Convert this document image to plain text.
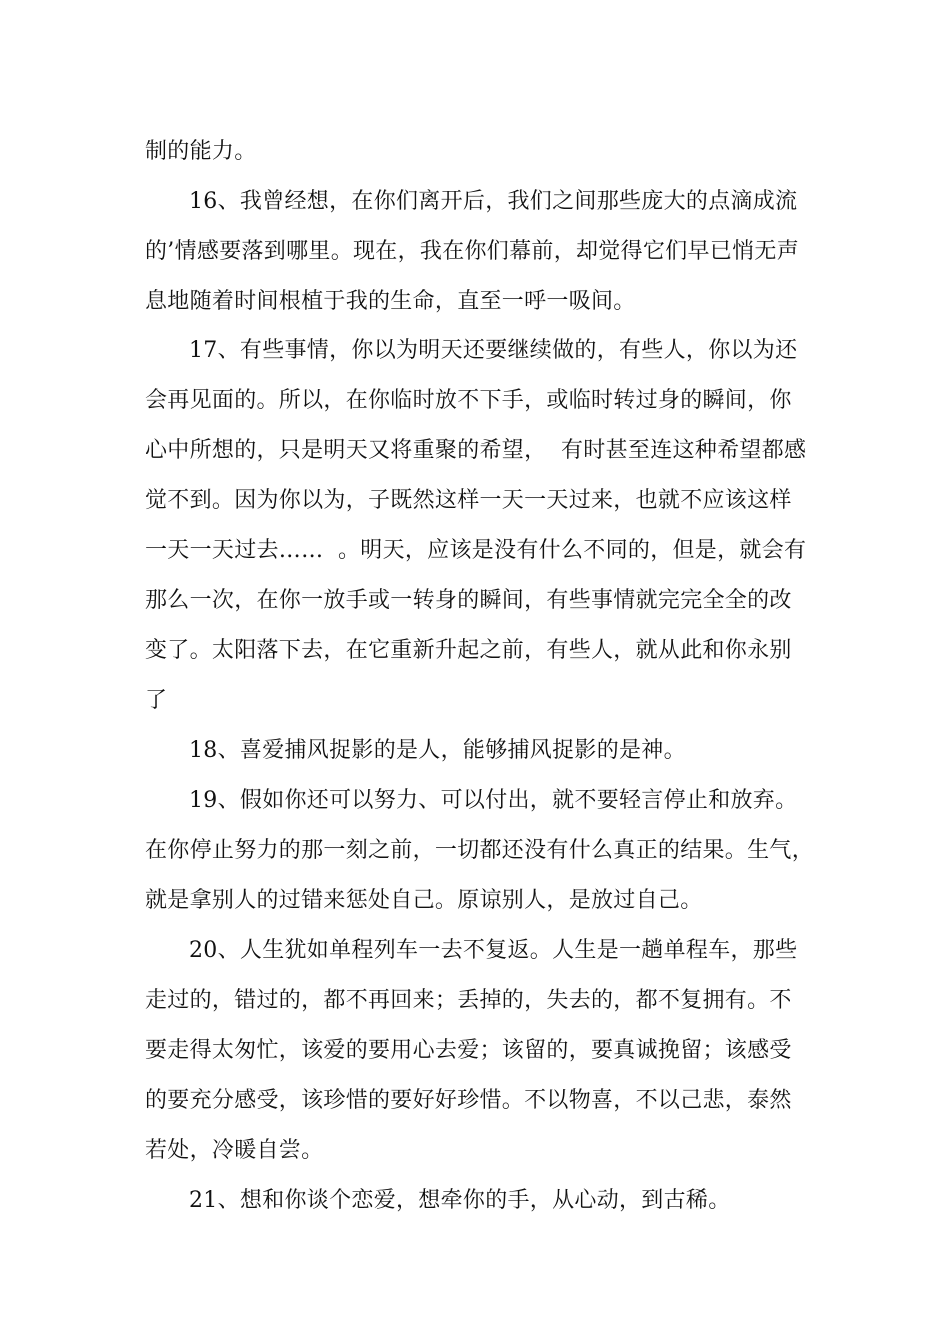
制的能力。

16、我曾经想，在你们离开后，我们之间那些庞大的点滴成流

的’情感要落到哪里。现在，我在你们幕前，却觉得它们早已悄无声

息地随着时间根植于我的生命，直至一呼一吸间。

17、有些事情，你以为明天还要继续做的，有些人，你以为还

会再见面的。所以，在你临时放不下手，或临时转过身的瞬间，你

心中所想的，只是明天又将重聚的希望，  有时甚至连这种希望都感

觉不到。因为你以为，子既然这样一天一天过来，也就不应该这样

一天一天过去……  。明天，应该是没有什么不同的，但是，就会有

那么一次，在你一放手或一转身的瞬间，有些事情就完完全全的改

变了。太阳落下去，在它重新升起之前，有些人，就从此和你永别

了

18、喜爱捕风捉影的是人，能够捕风捉影的是神。

19、假如你还可以努力、可以付出，就不要轻言停止和放弃。

在你停止努力的那一刻之前，一切都还没有什么真正的结果。生气，

就是拿别人的过错来惩处自己。原谅别人，是放过自己。

20、人生犹如单程列车一去不复返。人生是一趟单程车，那些

走过的，错过的，都不再回来；丢掉的，失去的，都不复拥有。不

要走得太匆忙，该爱的要用心去爱；该留的，要真诚挽留；该感受

的要充分感受，该珍惜的要好好珍惜。不以物喜，不以己悲，泰然

若处，冷暖自尝。

21、想和你谈个恋爱，想牵你的手，从心动，到古稀。
